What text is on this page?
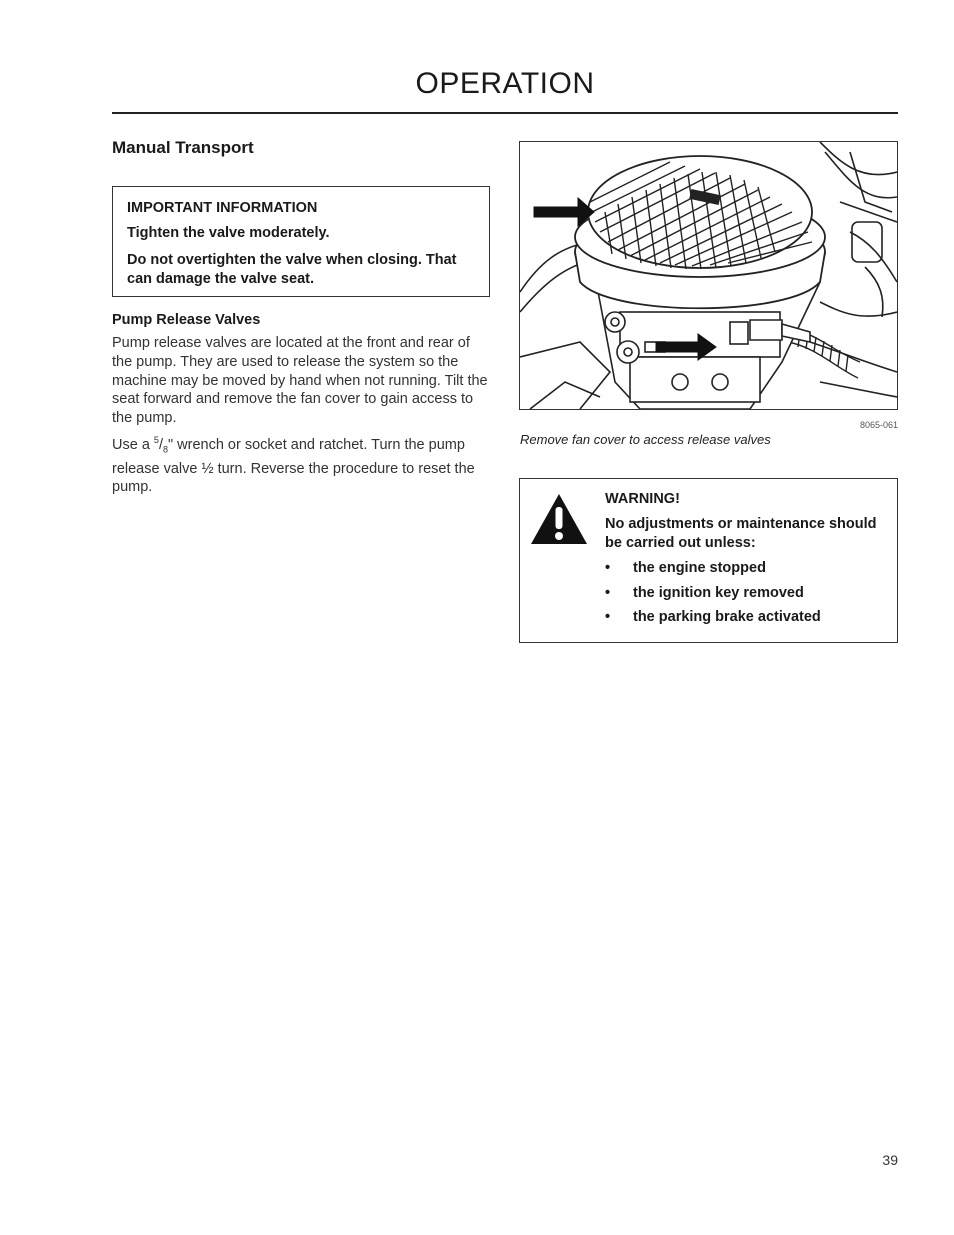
OPERATION
Manual Transport

IMPORTANT INFORMATION

Tighten the valve moderately.

Do not overtighten the valve when closing. That can damage the valve seat.

Pump Release Valves

Pump release valves are located at the front and rear of the pump. They are used to release the system so the machine may be moved by hand when not running. Tilt the seat forward and remove the fan cover to gain access to the pump.

Use a $^5/_8$" wrench or socket and ratchet. Turn the pump release valve ½ turn. Reverse the procedure to reset the pump.

8065-061
Remove fan cover to access release valves

WARNING!

No adjustments or maintenance should be carried out unless:

• the engine stopped
• the ignition key removed
• the parking brake activated
39
